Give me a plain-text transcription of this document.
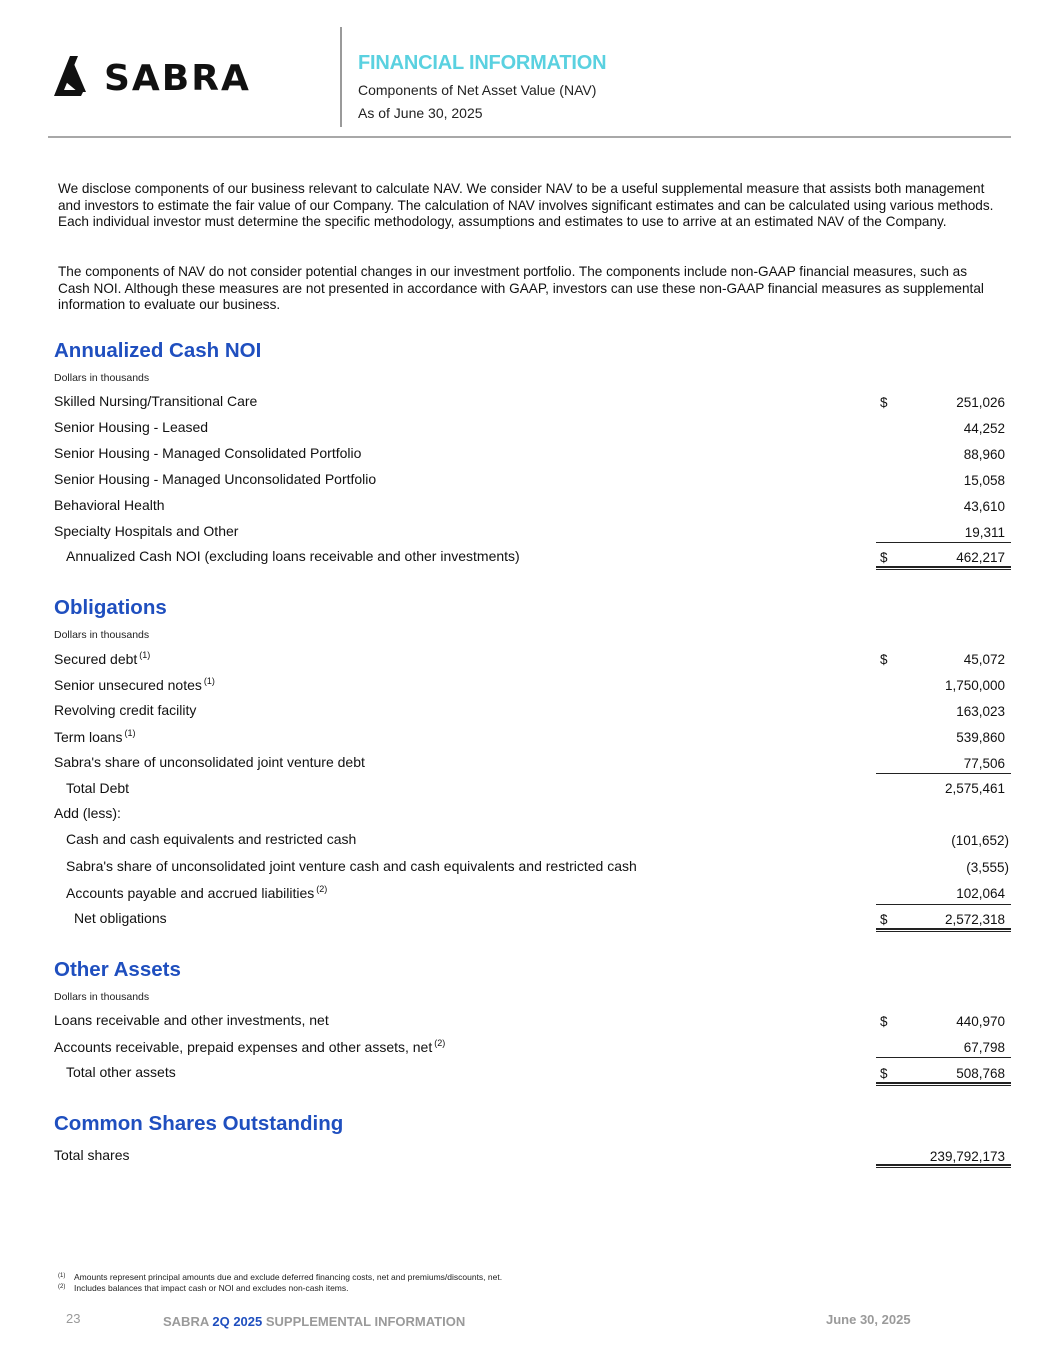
SABRA	FINANCIAL INFORMATION
Components of Net Asset Value (NAV)
As of June 30, 2025
We disclose components of our business relevant to calculate NAV. We consider NAV to be a useful supplemental measure that assists both management and investors to estimate the fair value of our Company. The calculation of NAV involves significant estimates and can be calculated using various methods. Each individual investor must determine the specific methodology, assumptions and estimates to use to arrive at an estimated NAV of the Company.
The components of NAV do not consider potential changes in our investment portfolio. The components include non-GAAP financial measures, such as Cash NOI. Although these measures are not presented in accordance with GAAP, investors can use these non-GAAP financial measures as supplemental information to evaluate our business.
Annualized Cash NOI
Dollars in thousands
Skilled Nursing/Transitional Care	$	251,026
Senior Housing - Leased	44,252
Senior Housing - Managed Consolidated Portfolio	88,960
Senior Housing - Managed Unconsolidated Portfolio	15,058
Behavioral Health	43,610
Specialty Hospitals and Other	19,311
Annualized Cash NOI (excluding loans receivable and other investments)	$	462,217
Obligations
Dollars in thousands
Secured debt $^{(1)}$	$	45,072
Senior unsecured notes $^{(1)}$	1,750,000
Revolving credit facility	163,023
Term loans $^{(1)}$	539,860
Sabra's share of unconsolidated joint venture debt	77,506
Total Debt	2,575,461
Add (less):
Cash and cash equivalents and restricted cash	(101,652)
Sabra's share of unconsolidated joint venture cash and cash equivalents and restricted cash	(3,555)
Accounts payable and accrued liabilities $^{(2)}$	102,064
Net obligations	$	2,572,318
Other Assets
Dollars in thousands
Loans receivable and other investments, net	$	440,970
Accounts receivable, prepaid expenses and other assets, net $^{(2)}$	67,798
Total other assets	$	508,768
Common Shares Outstanding
Total shares	239,792,173
$^{(1)}$ Amounts represent principal amounts due and exclude deferred financing costs, net and premiums/discounts, net.
$^{(2)}$ Includes balances that impact cash or NOI and excludes non-cash items.
23	SABRA 2Q 2025 SUPPLEMENTAL INFORMATION	June 30, 2025
